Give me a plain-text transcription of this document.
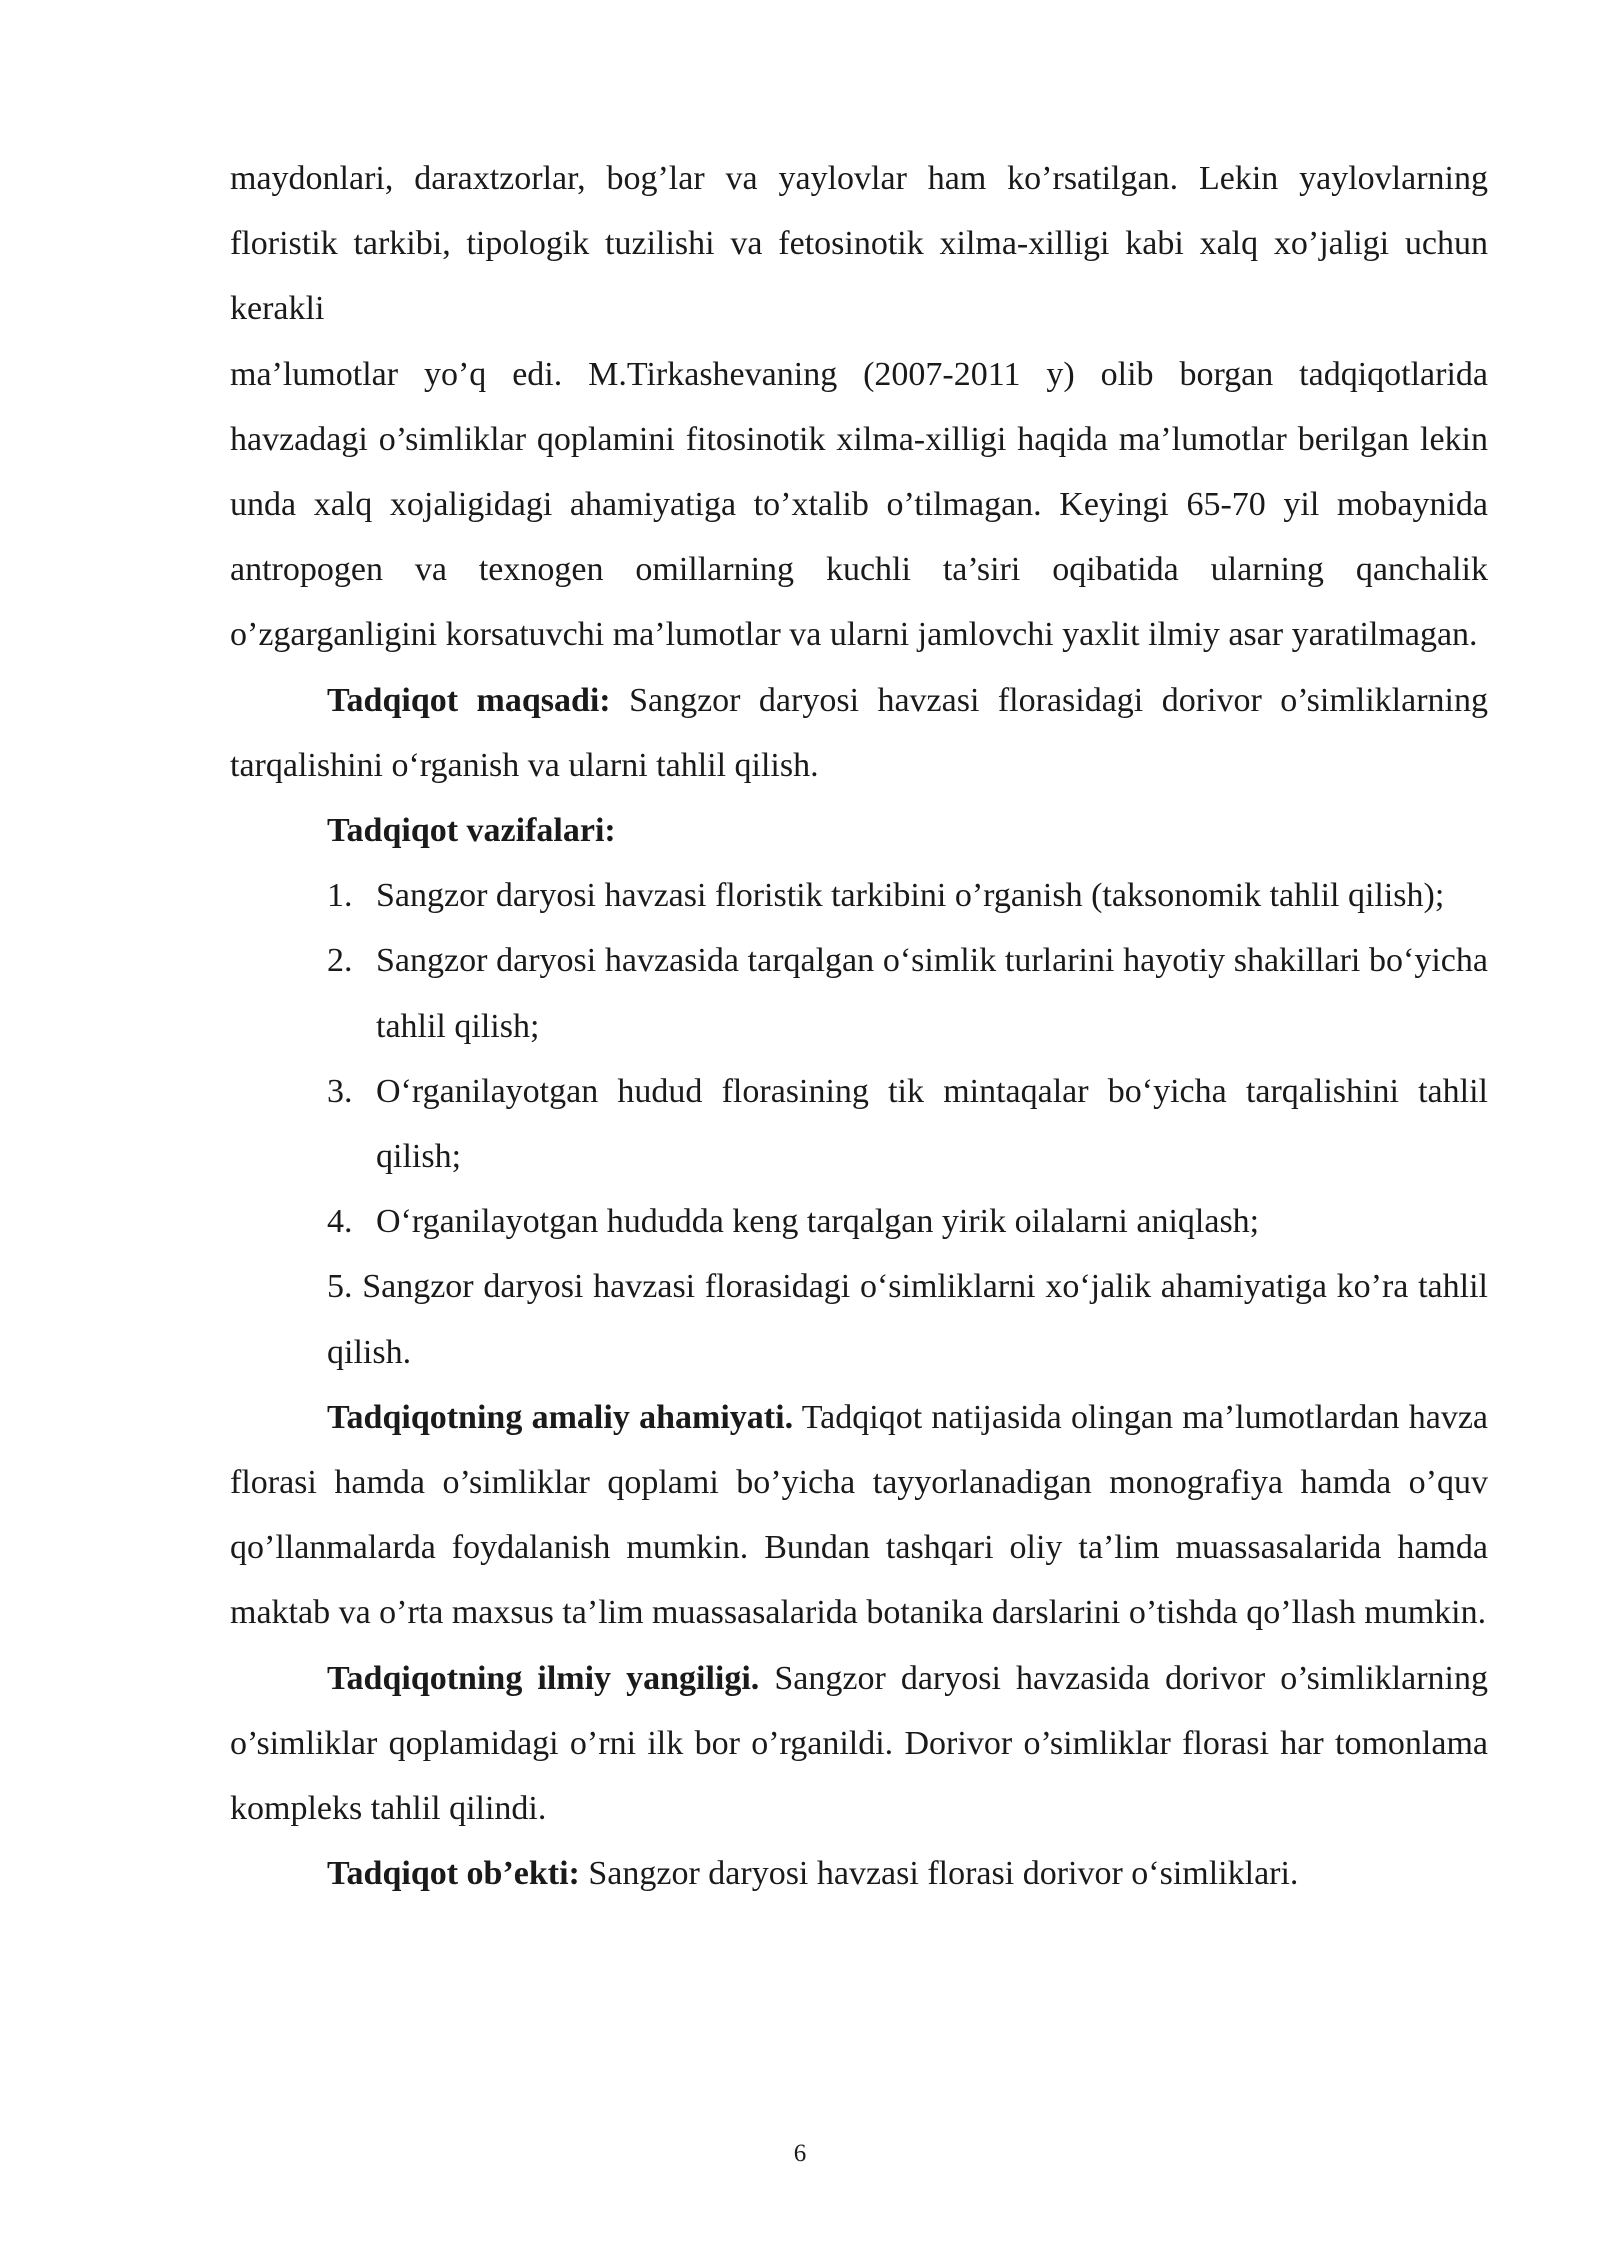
maydonlari, daraxtzorlar, bog’lar va yaylovlar ham ko’rsatilgan. Lekin yaylovlarning floristik tarkibi, tipologik tuzilishi va fetosinotik xilma-xilligi kabi xalq xo’jaligi uchun kerakli

ma’lumotlar yo’q edi. M.Tirkashevaning (2007-2011 y) olib borgan tadqiqotlarida havzadagi o’simliklar qoplamini fitosinotik xilma-xilligi haqida ma’lumotlar berilgan lekin unda xalq xojaligidagi ahamiyatiga to’xtalib o’tilmagan. Keyingi 65-70 yil mobaynida antropogen va texnogen omillarning kuchli ta’siri oqibatida ularning qanchalik o’zgarganligini korsatuvchi ma’lumotlar va ularni jamlovchi yaxlit ilmiy asar yaratilmagan.

Tadqiqot maqsadi: Sangzor daryosi havzasi florasidagi dorivor o’simliklarning tarqalishini o‘rganish va ularni tahlil qilish.

Tadqiqot vazifalari:

1. Sangzor daryosi havzasi floristik tarkibini o’rganish (taksonomik tahlil qilish);
2. Sangzor daryosi havzasida tarqalgan o‘simlik turlarini hayotiy shakillari bo‘yicha tahlil qilish;
3. O‘rganilayotgan hudud florasining tik mintaqalar bo‘yicha tarqalishini tahlil qilish;
4. O‘rganilayotgan hududda keng tarqalgan yirik oilalarni aniqlash;
5. Sangzor daryosi havzasi florasidagi o‘simliklarni xo‘jalik ahamiyatiga ko’ra tahlil qilish.

Tadqiqotning amaliy ahamiyati. Tadqiqot natijasida olingan ma’lumotlardan havza florasi hamda o’simliklar qoplami bo’yicha tayyorlanadigan monografiya hamda o’quv qo’llanmalarda foydalanish mumkin. Bundan tashqari oliy ta’lim muassasalarida hamda maktab va o’rta maxsus ta’lim muassasalarida botanika darslarini o’tishda qo’llash mumkin.

Tadqiqotning ilmiy yangiligi. Sangzor daryosi havzasida dorivor o’simliklarning o’simliklar qoplamidagi o’rni ilk bor o’rganildi. Dorivor o’simliklar florasi har tomonlama kompleks tahlil qilindi.

Tadqiqot ob’ekti: Sangzor daryosi havzasi florasi dorivor o‘simliklari.

6
